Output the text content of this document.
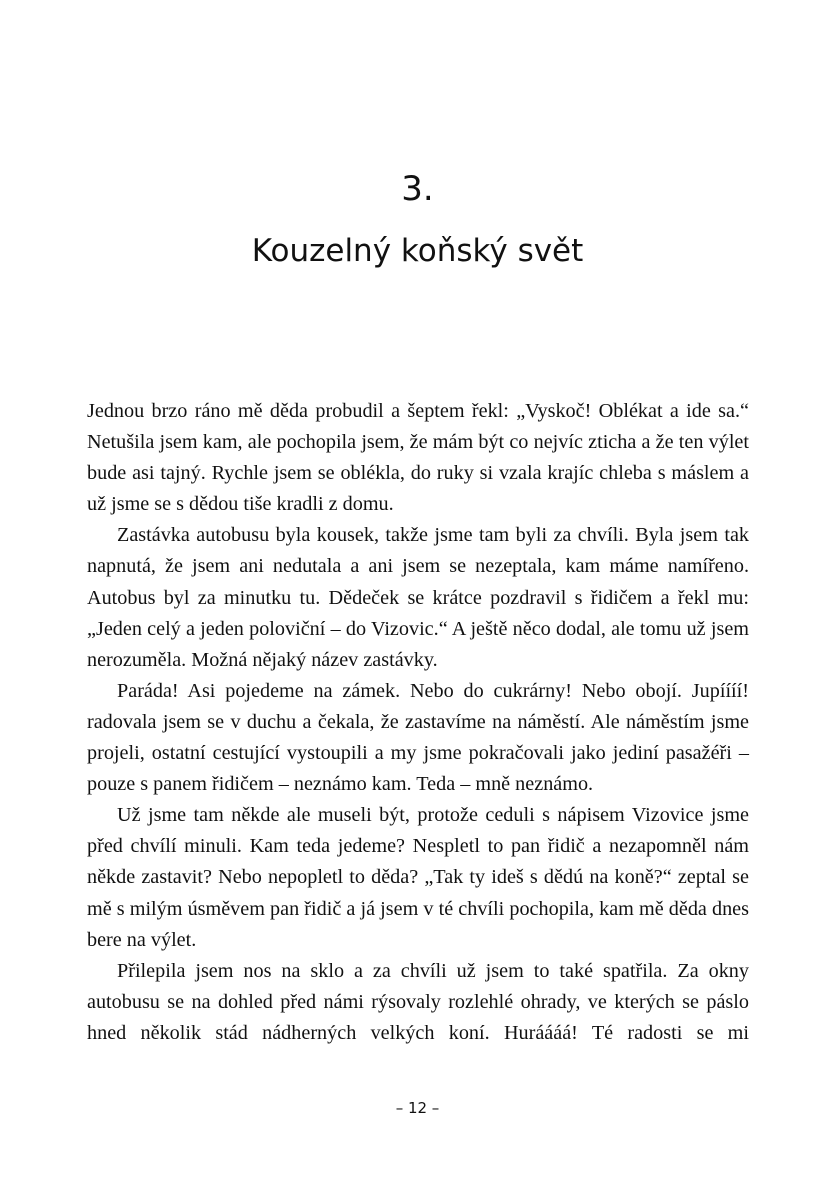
3.
Kouzelný koňský svět

Jednou brzo ráno mě děda probudil a šeptem řekl: „Vyskoč! Oblékat a ide sa.“ Netušila jsem kam, ale pochopila jsem, že mám být co nejvíc zticha a že ten výlet bude asi tajný. Rychle jsem se oblékla, do ruky si vzala krajíc chleba s máslem a už jsme se s dědou tiše kradli z domu.

Zastávka autobusu byla kousek, takže jsme tam byli za chvíli. Byla jsem tak napnutá, že jsem ani nedutala a ani jsem se nezeptala, kam máme namířeno. Autobus byl za minutku tu. Dědeček se krátce pozdravil s řidičem a řekl mu: „Jeden celý a jeden poloviční – do Vizovic.“ A ještě něco dodal, ale tomu už jsem nerozuměla. Možná nějaký název zastávky.

Paráda! Asi pojedeme na zámek. Nebo do cukrárny! Nebo obojí. Jupíííí! radovala jsem se v duchu a čekala, že zastavíme na náměstí. Ale náměstím jsme projeli, ostatní cestující vystoupili a my jsme pokračovali jako jediní pasažéři – pouze s panem řidičem – neznámo kam. Teda – mně neznámo.

Už jsme tam někde ale museli být, protože ceduli s nápisem Vizovice jsme před chvílí minuli. Kam teda jedeme? Nespletl to pan řidič a nezapomněl nám někde zastavit? Nebo nepopletl to děda? „Tak ty ideš s dědú na koně?“ zeptal se mě s milým úsměvem pan řidič a já jsem v té chvíli pochopila, kam mě děda dnes bere na výlet.

Přilepila jsem nos na sklo a za chvíli už jsem to také spatřila. Za okny autobusu se na dohled před námi rýsovaly rozlehlé ohrady, ve kterých se páslo hned několik stád nádherných velkých koní. Huráááá! Té radosti se mi

– 12 –
